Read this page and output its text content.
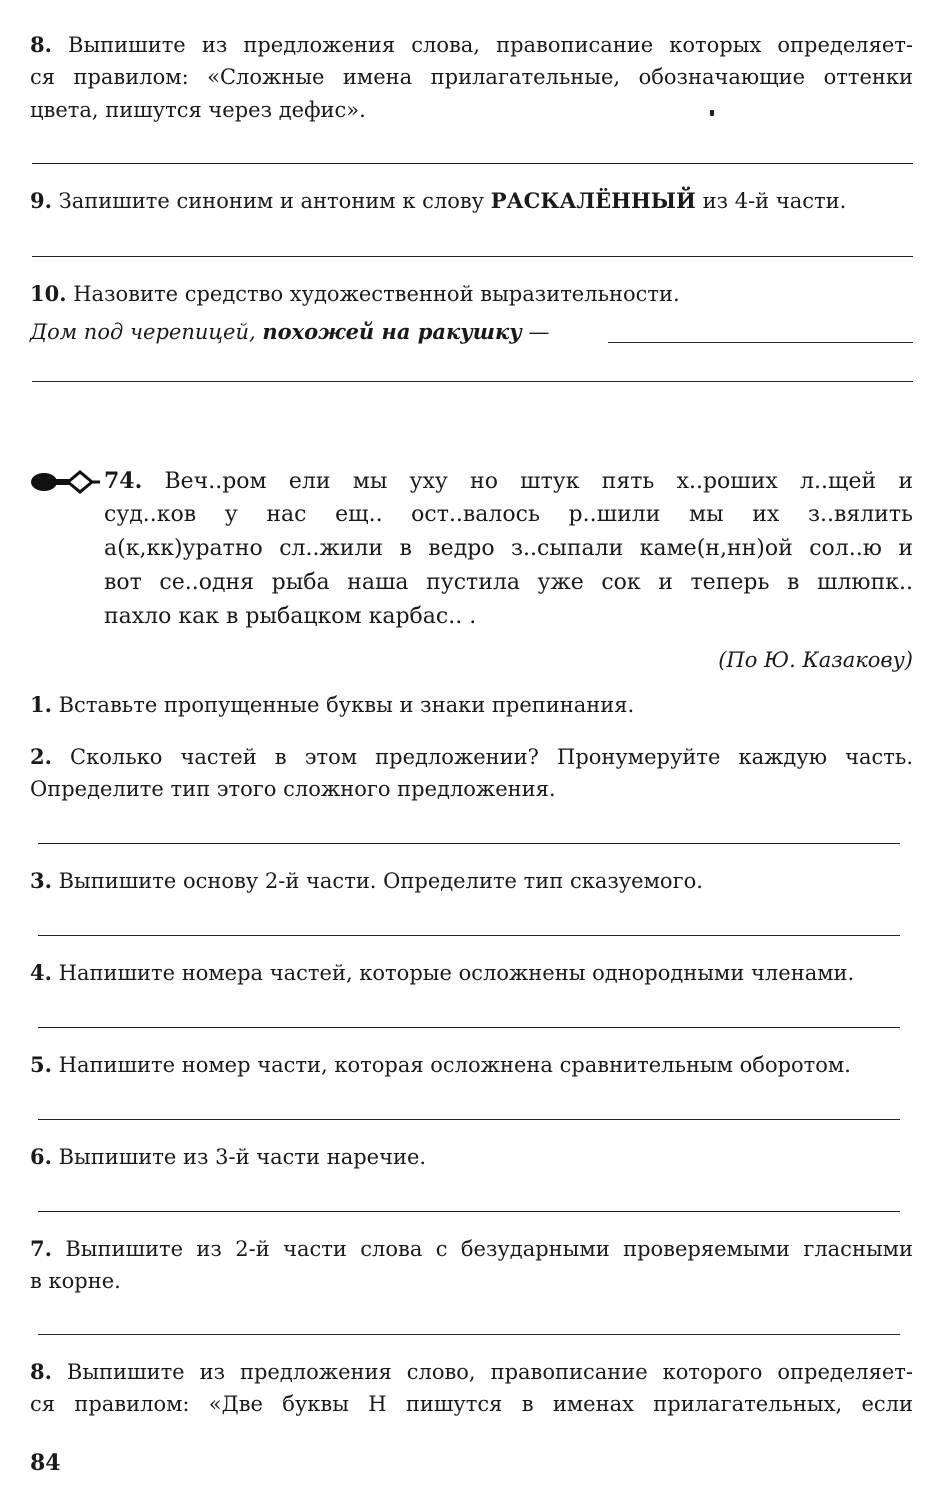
8. Выпишите из предложения слова, правописание которых определяет-
ся правилом: «Сложные имена прилагательные, обозначающие оттенки
цвета, пишутся через дефис».

9. Запишите синоним и антоним к слову РАСКАЛЁННЫЙ из 4-й части.

10. Назовите средство художественной выразительности.

Дом под черепицей, похожей на ракушку —

74. Веч..ром ели мы уху но штук пять х..роших л..щей и
суд..ков у нас ещ.. ост..валось р..шили мы их з..вялить
а(к,кк)уратно сл..жили в ведро з..сыпали каме(н,нн)ой сол..ю и
вот се..одня рыба наша пустила уже сок и теперь в шлюпк..
пахло как в рыбацком карбас.. .

(По Ю. Казакову)

1. Вставьте пропущенные буквы и знаки препинания.

2. Сколько частей в этом предложении? Пронумеруйте каждую часть.
Определите тип этого сложного предложения.

3. Выпишите основу 2-й части. Определите тип сказуемого.

4. Напишите номера частей, которые осложнены однородными членами.

5. Напишите номер части, которая осложнена сравнительным оборотом.

6. Выпишите из 3-й части наречие.

7. Выпишите из 2-й части слова с безударными проверяемыми гласными
в корне.

8. Выпишите из предложения слово, правописание которого определяет-
ся правилом: «Две буквы Н пишутся в именах прилагательных, если

84
